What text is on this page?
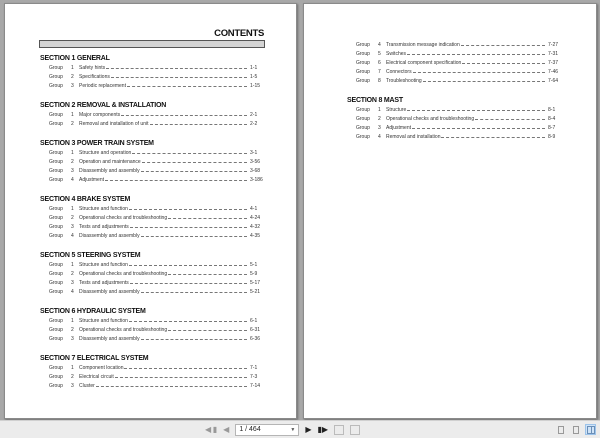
CONTENTS
SECTION 1 GENERAL
Group	1	Safety hints	1-1
Group	2	Specifications	1-5
Group	3	Periodic replacement	1-15
SECTION 2 REMOVAL & INSTALLATION
Group	1	Major components	2-1
Group	2	Removal and installation of unit	2-2
SECTION 3 POWER TRAIN SYSTEM
Group	1	Structure and operation	3-1
Group	2	Operation and maintenance	3-56
Group	3	Disassembly and assembly	3-68
Group	4	Adjustment	3-186
SECTION 4 BRAKE SYSTEM
Group	1	Structure and function	4-1
Group	2	Operational checks and troubleshooting	4-24
Group	3	Tests and adjustments	4-32
Group	4	Disassembly and assembly	4-35
SECTION 5 STEERING SYSTEM
Group	1	Structure and function	5-1
Group	2	Operational checks and troubleshooting	5-9
Group	3	Tests and adjustments	5-17
Group	4	Disassembly and assembly	5-21
SECTION 6 HYDRAULIC SYSTEM
Group	1	Structure and function	6-1
Group	2	Operational checks and troubleshooting	6-31
Group	3	Disassembly and assembly	6-36
SECTION 7 ELECTRICAL SYSTEM
Group	1	Component location	7-1
Group	2	Electrical circuit	7-3
Group	3	Cluster	7-14
Group	4	Transmission message indication	7-27
Group	5	Switches	7-31
Group	6	Electrical component specification	7-37
Group	7	Connectors	7-46
Group	8	Troubleshooting	7-64
SECTION 8 MAST
Group	1	Structure	8-1
Group	2	Operational checks and troubleshooting	8-4
Group	3	Adjustment	8-7
Group	4	Removal and installation	8-9
◀ ▮ ◀	1 / 464	▼ ▶ ▮▶
